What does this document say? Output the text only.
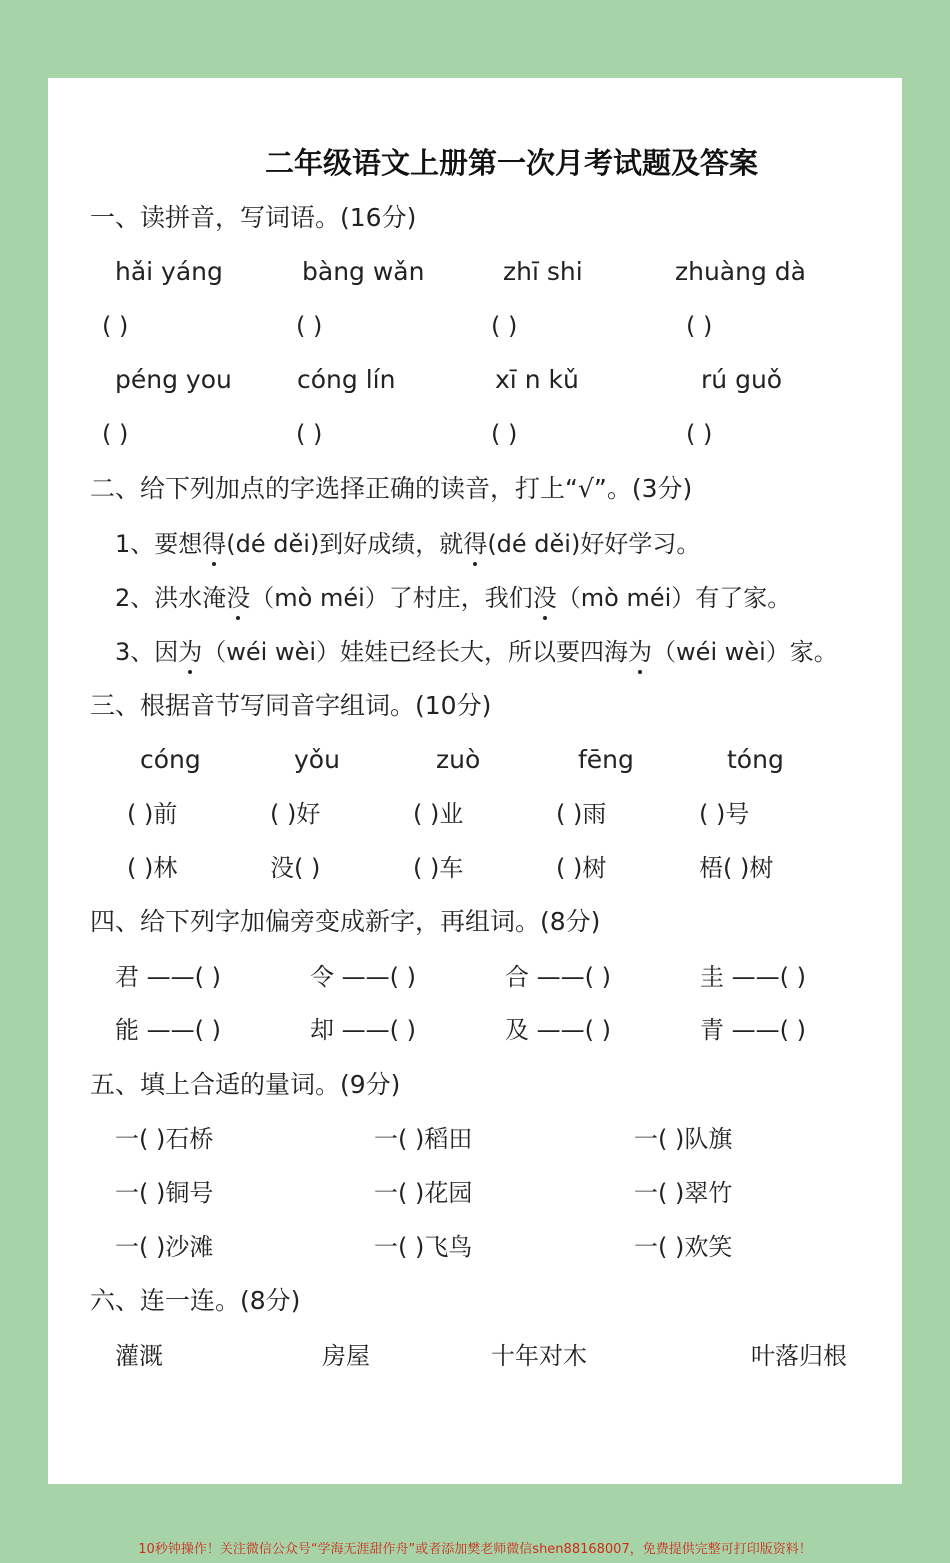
二年级语文上册第一次月考试题及答案
一、读拼音，写词语。(16分)
hǎi yáng	bàng wǎn	zhī shi	zhuàng dà
( )	( )	( )	( )
péng you	cóng lín	xī n kǔ	rú guǒ
( )	( )	( )	( )
二、给下列加点的字选择正确的读音，打上“√”。(3分)
1、要想得(dé děi)到好成绩，就得(dé děi)好好学习。
2、洪水淹没（mò méi）了村庄，我们没（mò méi）有了家。
3、因为（wéi wèi）娃娃已经长大，所以要四海为（wéi wèi）家。
三、根据音节写同音字组词。(10分)
cóng	yǒu	zuò	fēng	tóng
( )前	( )好	( )业	( )雨	( )号
( )林	没( )	( )车	( )树	梧( )树
四、给下列字加偏旁变成新字，再组词。(8分)
君 ——( )	令 ——( )	合 ——( )	圭 ——( )
能 ——( )	却 ——( )	及 ——( )	青 ——( )
五、填上合适的量词。(9分)
一( )石桥	一( )稻田	一( )队旗
一( )铜号	一( )花园	一( )翠竹
一( )沙滩	一( )飞鸟	一( )欢笑
六、连一连。(8分)
灌溉	房屋	十年对木	叶落归根
10秒钟操作！关注微信公众号“学海无涯甜作舟”或者添加樊老师微信shen88168007，免费提供完整可打印版资料！
